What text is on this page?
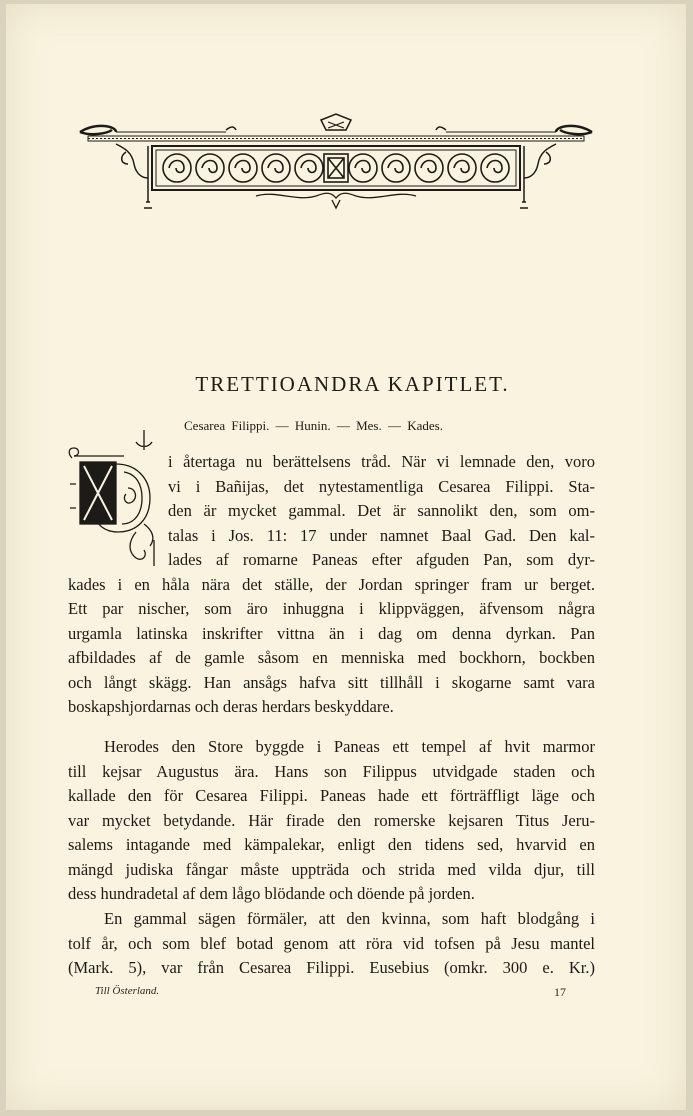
TRETTIOANDRA KAPITLET.
Cesarea Filippi. — Hunin. — Mes. — Kades.
i återtaga nu berättelsens tråd. När vi lemnade den, voro
vi i Bañijas, det nytestamentliga Cesarea Filippi. Sta-
den är mycket gammal. Det är sannolikt den, som om-
talas i Jos. 11: 17 under namnet Baal Gad. Den kal-
lades af romarne Paneas efter afguden Pan, som dyr-
kades i en håla nära det ställe, der Jordan springer fram ur berget.
Ett par nischer, som äro inhuggna i klippväggen, äfvensom några
urgamla latinska inskrifter vittna än i dag om denna dyrkan. Pan
afbildades af de gamle såsom en menniska med bockhorn, bockben
och långt skägg. Han ansågs hafva sitt tillhåll i skogarne samt vara
boskapshjordarnas och deras herdars beskyddare.
Herodes den Store byggde i Paneas ett tempel af hvit marmor
till kejsar Augustus ära. Hans son Filippus utvidgade staden och
kallade den för Cesarea Filippi. Paneas hade ett förträffligt läge och
var mycket betydande. Här firade den romerske kejsaren Titus Jeru-
salems intagande med kämpalekar, enligt den tidens sed, hvarvid en
mängd judiska fångar måste uppträda och strida med vilda djur, till
dess hundradetal af dem lågo blödande och döende på jorden.
En gammal sägen förmäler, att den kvinna, som haft blodgång i
tolf år, och som blef botad genom att röra vid tofsen på Jesu mantel
(Mark. 5), var från Cesarea Filippi. Eusebius (omkr. 300 e. Kr.)
Till Österland.	17
